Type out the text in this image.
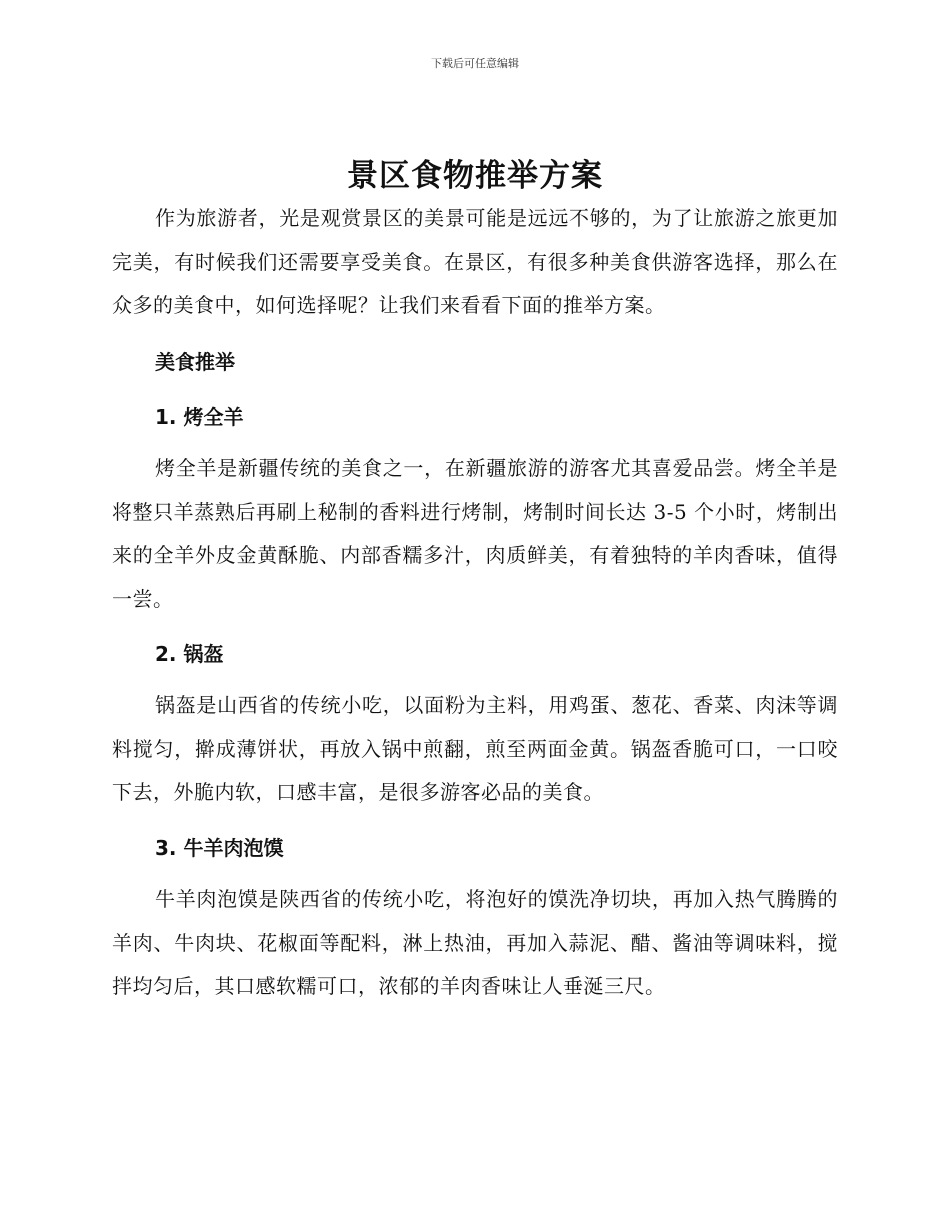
下载后可任意编辑
景区食物推举方案

作为旅游者，光是观赏景区的美景可能是远远不够的，为了让旅游之旅更加完美，有时候我们还需要享受美食。在景区，有很多种美食供游客选择，那么在众多的美食中，如何选择呢？让我们来看看下面的推举方案。

美食推举

1. 烤全羊

烤全羊是新疆传统的美食之一，在新疆旅游的游客尤其喜爱品尝。烤全羊是将整只羊蒸熟后再刷上秘制的香料进行烤制，烤制时间长达 3-5 个小时，烤制出来的全羊外皮金黄酥脆、内部香糯多汁，肉质鲜美，有着独特的羊肉香味，值得一尝。

2. 锅盔

锅盔是山西省的传统小吃，以面粉为主料，用鸡蛋、葱花、香菜、肉沫等调料搅匀，擀成薄饼状，再放入锅中煎翻，煎至两面金黄。锅盔香脆可口，一口咬下去，外脆内软，口感丰富，是很多游客必品的美食。

3. 牛羊肉泡馍

牛羊肉泡馍是陕西省的传统小吃，将泡好的馍洗净切块，再加入热气腾腾的羊肉、牛肉块、花椒面等配料，淋上热油，再加入蒜泥、醋、酱油等调味料，搅拌均匀后，其口感软糯可口，浓郁的羊肉香味让人垂涎三尺。
